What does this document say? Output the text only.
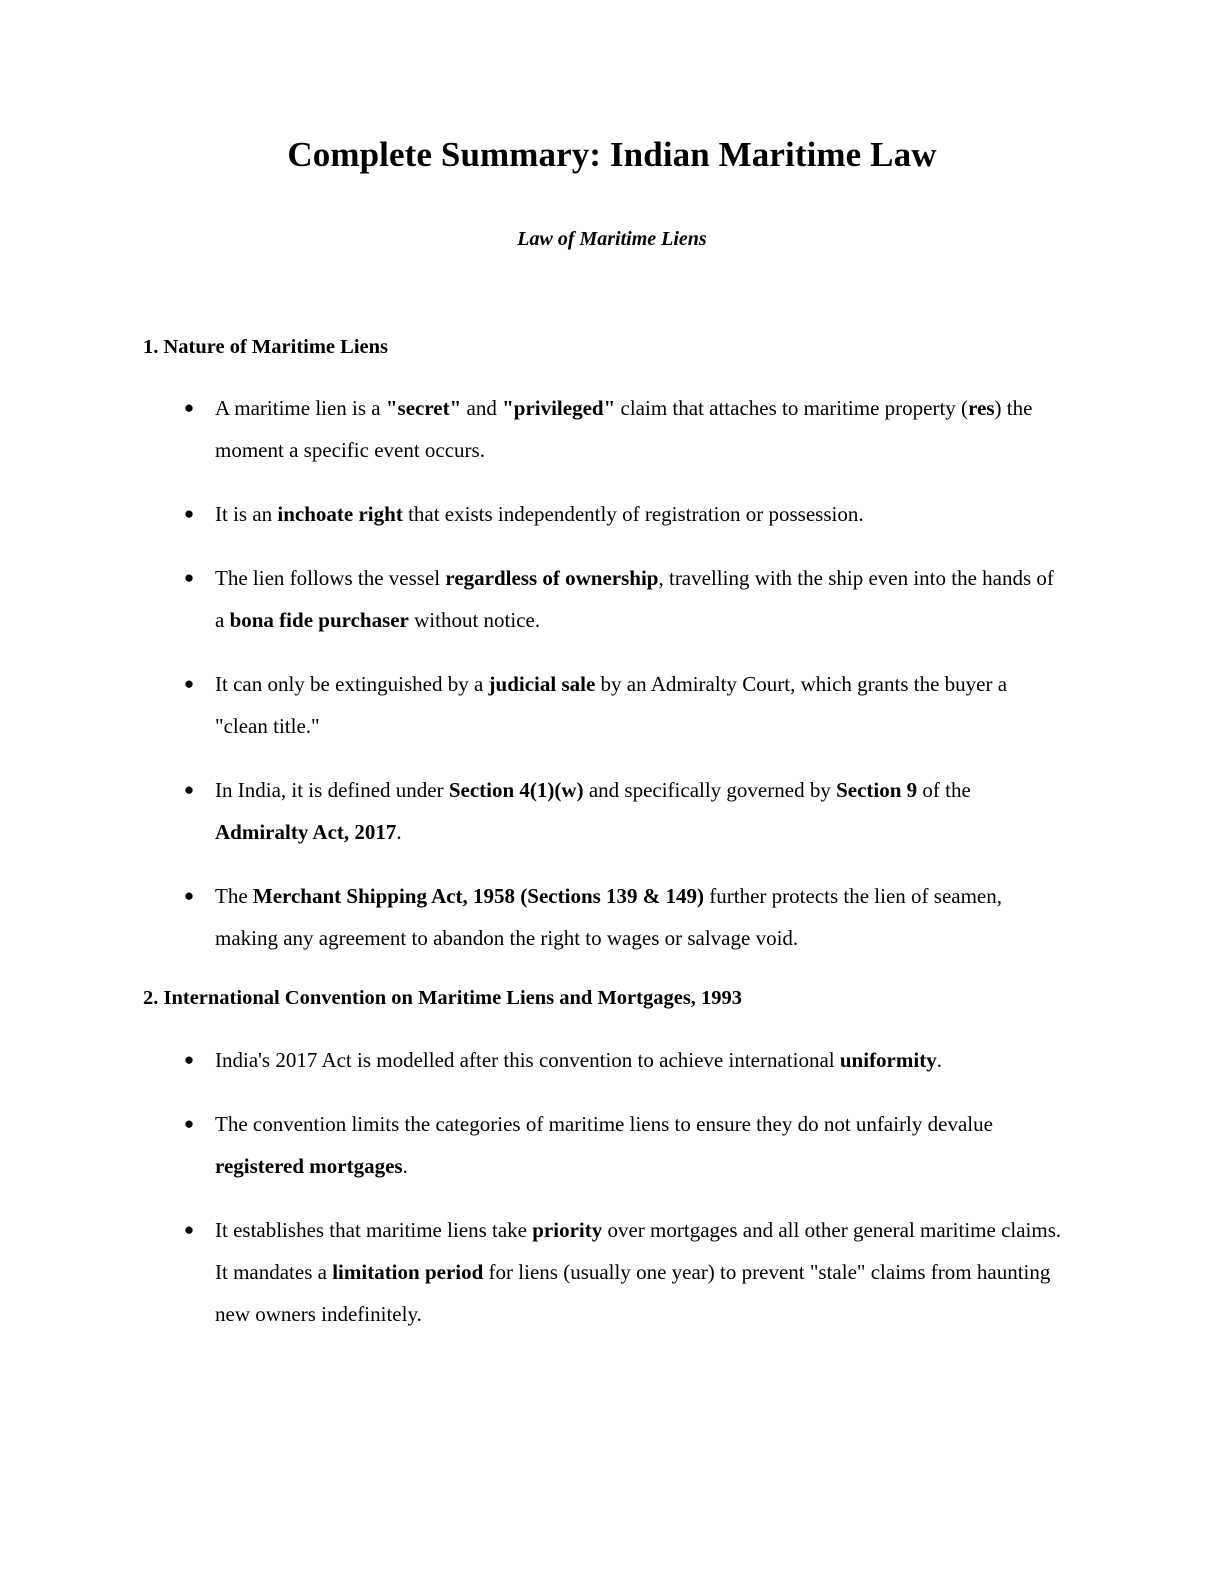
Complete Summary: Indian Maritime Law
Law of Maritime Liens
1. Nature of Maritime Liens
● A maritime lien is a "secret" and "privileged" claim that attaches to maritime property (res) the moment a specific event occurs.
● It is an inchoate right that exists independently of registration or possession.
● The lien follows the vessel regardless of ownership, travelling with the ship even into the hands of a bona fide purchaser without notice.
● It can only be extinguished by a judicial sale by an Admiralty Court, which grants the buyer a "clean title."
● In India, it is defined under Section 4(1)(w) and specifically governed by Section 9 of the Admiralty Act, 2017.
● The Merchant Shipping Act, 1958 (Sections 139 & 149) further protects the lien of seamen, making any agreement to abandon the right to wages or salvage void.
2. International Convention on Maritime Liens and Mortgages, 1993
● India's 2017 Act is modelled after this convention to achieve international uniformity.
● The convention limits the categories of maritime liens to ensure they do not unfairly devalue registered mortgages.
● It establishes that maritime liens take priority over mortgages and all other general maritime claims. It mandates a limitation period for liens (usually one year) to prevent "stale" claims from haunting new owners indefinitely.
